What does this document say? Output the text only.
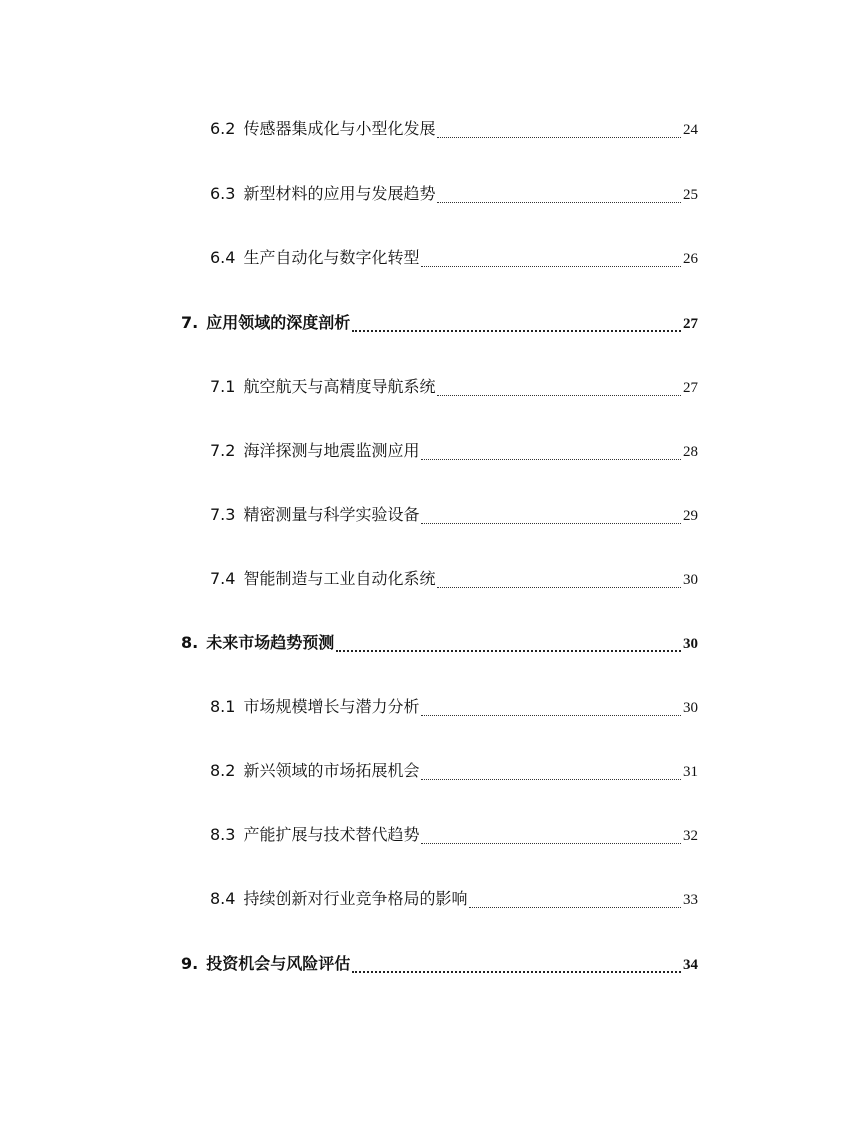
6.2 传感器集成化与小型化发展	24
6.3 新型材料的应用与发展趋势	25
6.4 生产自动化与数字化转型	26
7. 应用领域的深度剖析	27
7.1 航空航天与高精度导航系统	27
7.2 海洋探测与地震监测应用	28
7.3 精密测量与科学实验设备	29
7.4 智能制造与工业自动化系统	30
8. 未来市场趋势预测	30
8.1 市场规模增长与潜力分析	30
8.2 新兴领域的市场拓展机会	31
8.3 产能扩展与技术替代趋势	32
8.4 持续创新对行业竞争格局的影响	33
9. 投资机会与风险评估	34
